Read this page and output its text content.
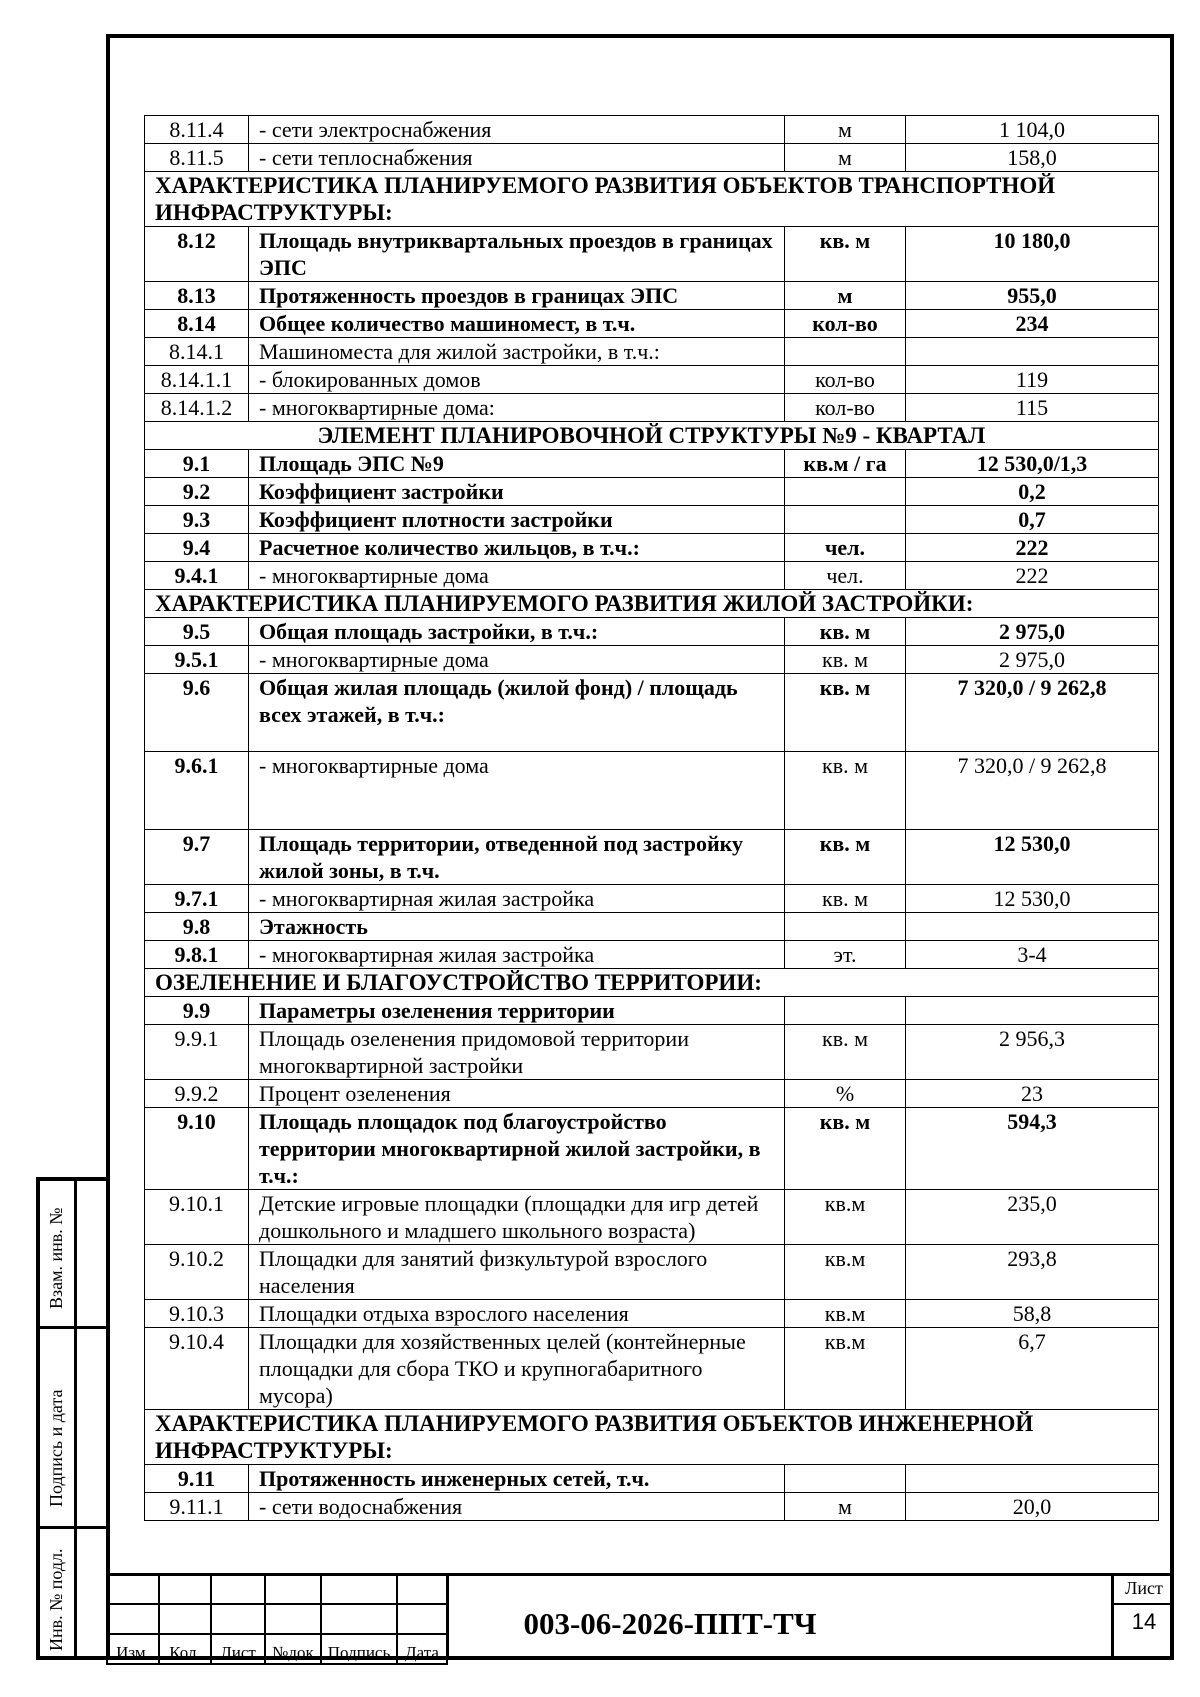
8.11.4	- сети электроснабжения	м	1 104,0
8.11.5	- сети теплоснабжения	м	158,0
ХАРАКТЕРИСТИКА ПЛАНИРУЕМОГО РАЗВИТИЯ ОБЪЕКТОВ ТРАНСПОРТНОЙ ИНФРАСТРУКТУРЫ:			
8.12	Площадь внутриквартальных проездов в границах ЭПС	кв. м	10 180,0
8.13	Протяженность проездов в границах ЭПС	м	955,0
8.14	Общее количество машиномест, в т.ч.	кол-во	234
8.14.1	Машиноместа для жилой застройки, в т.ч.:		
8.14.1.1	- блокированных домов	кол-во	119
8.14.1.2	- многоквартирные дома:	кол-во	115
ЭЛЕМЕНТ ПЛАНИРОВОЧНОЙ СТРУКТУРЫ №9 - КВАРТАЛ			
9.1	Площадь ЭПС №9	кв.м / га	12 530,0/1,3
9.2	Коэффициент застройки		0,2
9.3	Коэффициент плотности застройки		0,7
9.4	Расчетное количество жильцов, в т.ч.:	чел.	222
9.4.1	- многоквартирные дома	чел.	222
ХАРАКТЕРИСТИКА ПЛАНИРУЕМОГО РАЗВИТИЯ ЖИЛОЙ ЗАСТРОЙКИ:			
9.5	Общая площадь застройки, в т.ч.:	кв. м	2 975,0
9.5.1	- многоквартирные дома	кв. м	2 975,0
9.6	Общая жилая площадь (жилой фонд) / площадь всех этажей, в т.ч.:	кв. м	7 320,0 / 9 262,8
9.6.1	- многоквартирные дома	кв. м	7 320,0 / 9 262,8
9.7	Площадь территории, отведенной под застройку жилой зоны, в т.ч.	кв. м	12 530,0
9.7.1	- многоквартирная жилая застройка	кв. м	12 530,0
9.8	Этажность		
9.8.1	- многоквартирная жилая застройка	эт.	3-4
ОЗЕЛЕНЕНИЕ И БЛАГОУСТРОЙСТВО ТЕРРИТОРИИ:			
9.9	Параметры озеленения территории		
9.9.1	Площадь озеленения придомовой территории многоквартирной застройки	кв. м	2 956,3
9.9.2	Процент озеленения	%	23
9.10	Площадь площадок под благоустройство территории многоквартирной жилой застройки, в т.ч.:	кв. м	594,3
9.10.1	Детские игровые площадки (площадки для игр детей дошкольного и младшего школьного возраста)	кв.м	235,0
9.10.2	Площадки для занятий физкультурой взрослого населения	кв.м	293,8
9.10.3	Площадки отдыха взрослого населения	кв.м	58,8
9.10.4	Площадки для хозяйственных целей (контейнерные площадки для сбора ТКО и крупногабаритного мусора)	кв.м	6,7
ХАРАКТЕРИСТИКА ПЛАНИРУЕМОГО РАЗВИТИЯ ОБЪЕКТОВ ИНЖЕНЕРНОЙ ИНФРАСТРУКТУРЫ:			
9.11	Протяженность инженерных сетей, т.ч.		
9.11.1	- сети водоснабжения	м	20,0
Взам. инв. №
Подпись и дата
Инв. № подл.

Изм.	Кол.	Лист	№док	Подпись	Дата
003-06-2026-ППТ-ТЧ
Лист
14
